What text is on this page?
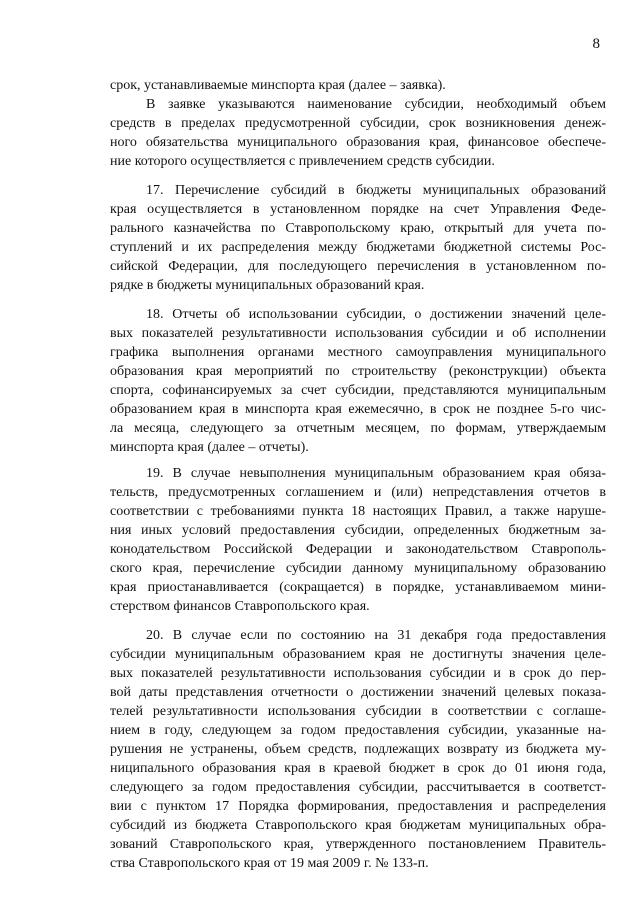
8
срок, устанавливаемые минспорта края (далее – заявка).
В заявке указываются наименование субсидии, необходимый объем
средств в пределах предусмотренной субсидии, срок возникновения денеж-
ного обязательства муниципального образования края, финансовое обеспече-
ние которого осуществляется с привлечением средств субсидии.
17. Перечисление субсидий в бюджеты муниципальных образований
края осуществляется в установленном порядке на счет Управления Феде-
рального казначейства по Ставропольскому краю, открытый для учета по-
ступлений и их распределения между бюджетами бюджетной системы Рос-
сийской Федерации, для последующего перечисления в установленном по-
рядке в бюджеты муниципальных образований края.
18. Отчеты об использовании субсидии, о достижении значений целе-
вых показателей результативности использования субсидии и об исполнении
графика выполнения органами местного самоуправления муниципального
образования края мероприятий по строительству (реконструкции) объекта
спорта, софинансируемых за счет субсидии, представляются муниципальным
образованием края в минспорта края ежемесячно, в срок не позднее 5-го чис-
ла месяца, следующего за отчетным месяцем, по формам, утверждаемым
минспорта края (далее – отчеты).
19. В случае невыполнения муниципальным образованием края обяза-
тельств, предусмотренных соглашением и (или) непредставления отчетов в
соответствии с требованиями пункта 18 настоящих Правил, а также наруше-
ния иных условий предоставления субсидии, определенных бюджетным за-
конодательством Российской Федерации и законодательством Ставрополь-
ского края, перечисление субсидии данному муниципальному образованию
края приостанавливается (сокращается) в порядке, устанавливаемом мини-
стерством финансов Ставропольского края.
20. В случае если по состоянию на 31 декабря года предоставления
субсидии муниципальным образованием края не достигнуты значения целе-
вых показателей результативности использования субсидии и в срок до пер-
вой даты представления отчетности о достижении значений целевых показа-
телей результативности использования субсидии в соответствии с соглаше-
нием в году, следующем за годом предоставления субсидии, указанные на-
рушения не устранены, объем средств, подлежащих возврату из бюджета му-
ниципального образования края в краевой бюджет в срок до 01 июня года,
следующего за годом предоставления субсидии, рассчитывается в соответст-
вии с пунктом 17 Порядка формирования, предоставления и распределения
субсидий из бюджета Ставропольского края бюджетам муниципальных обра-
зований Ставропольского края, утвержденного постановлением Правитель-
ства Ставропольского края от 19 мая 2009 г. № 133-п.
